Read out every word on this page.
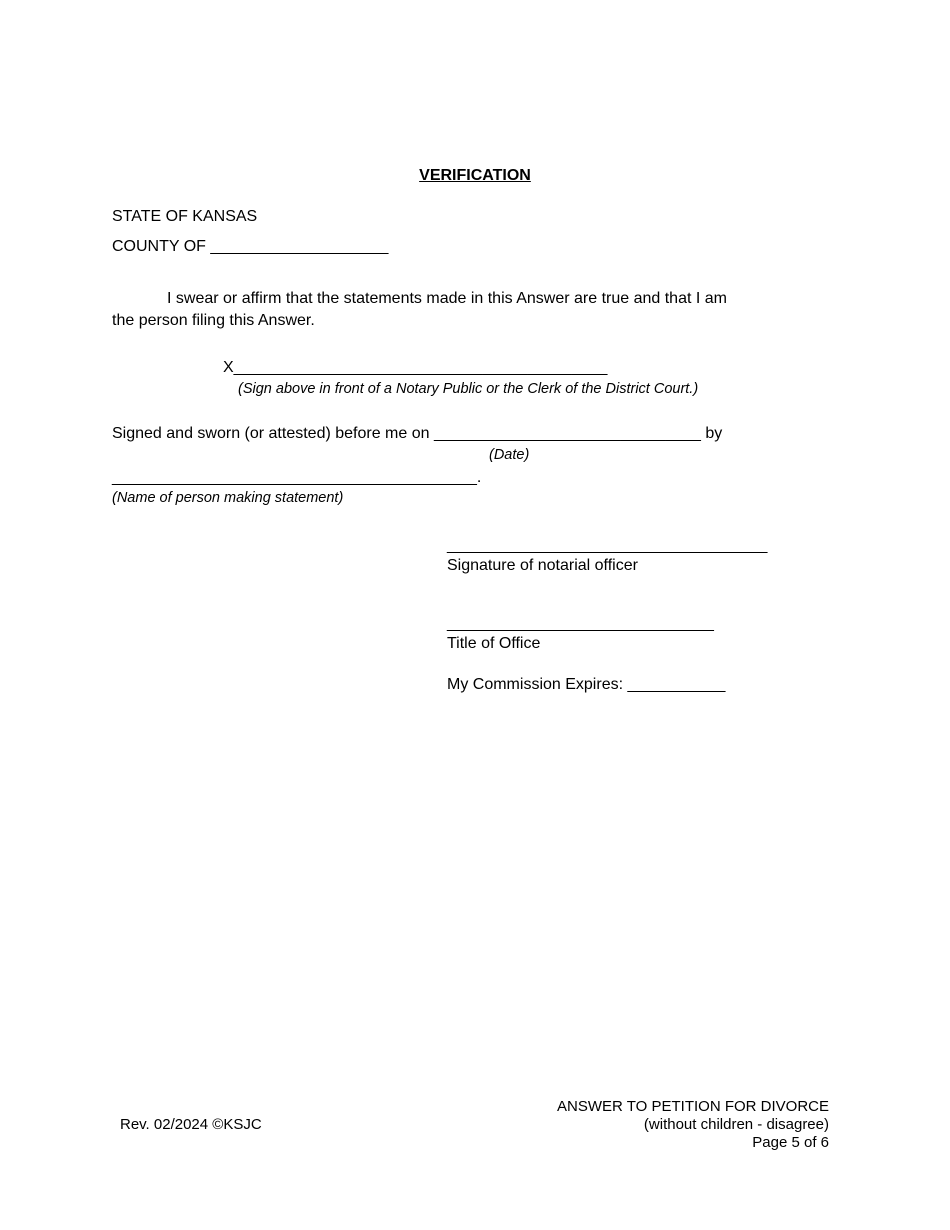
VERIFICATION
STATE OF KANSAS
COUNTY OF ____________________
I swear or affirm that the statements made in this Answer are true and that I am
the person filing this Answer.
X__________________________________________
(Sign above in front of a Notary Public or the Clerk of the District Court.)
Signed and sworn (or attested) before me on ______________________________ by
(Date)
_________________________________________.
(Name of person making statement)
____________________________________
Signature of notarial officer
______________________________
Title of Office
My Commission Expires: ___________
Rev. 02/2024 ©KSJC
ANSWER TO PETITION FOR DIVORCE
(without children - disagree)
Page 5 of 6
